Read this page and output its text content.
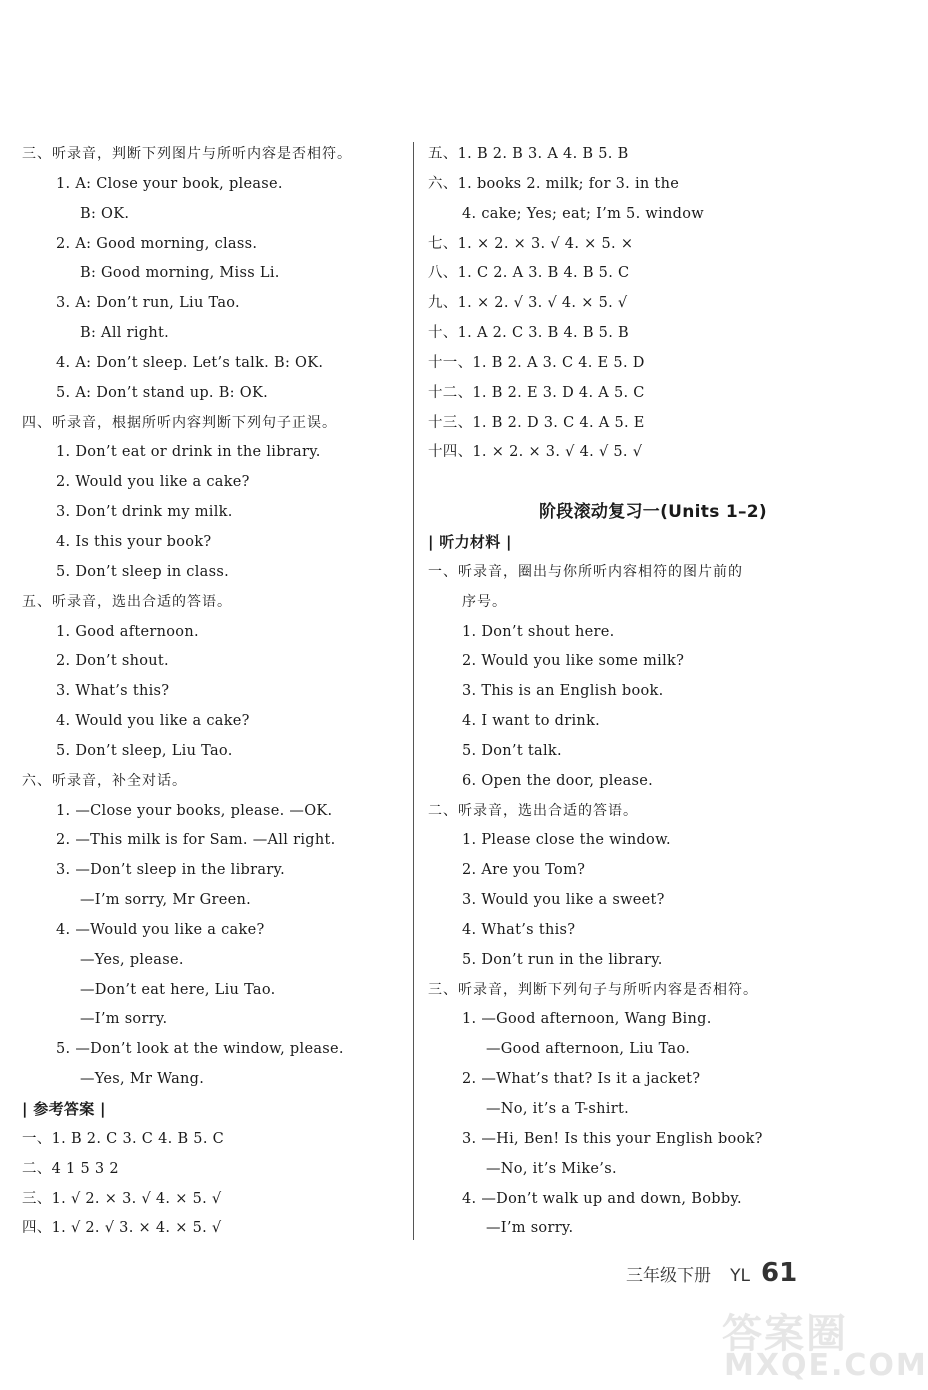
三、听录音，判断下列图片与所听内容是否相符。
1. A: Close your book, please.
B: OK.
2. A: Good morning, class.
B: Good morning, Miss Li.
3. A: Don’t run, Liu Tao.
B: All right.
4. A: Don’t sleep. Let’s talk. B: OK.
5. A: Don’t stand up. B: OK.
四、听录音，根据所听内容判断下列句子正误。
1. Don’t eat or drink in the library.
2. Would you like a cake?
3. Don’t drink my milk.
4. Is this your book?
5. Don’t sleep in class.
五、听录音，选出合适的答语。
1. Good afternoon.
2. Don’t shout.
3. What’s this?
4. Would you like a cake?
5. Don’t sleep, Liu Tao.
六、听录音，补全对话。
1. —Close your books, please. —OK.
2. —This milk is for Sam. —All right.
3. —Don’t sleep in the library.
—I’m sorry, Mr Green.
4. —Would you like a cake?
—Yes, please.
—Don’t eat here, Liu Tao.
—I’m sorry.
5. —Don’t look at the window, please.
—Yes, Mr Wang.
| 参考答案 |
一、1. B 2. C 3. C 4. B 5. C
二、4 1 5 3 2
三、1. √ 2. × 3. √ 4. × 5. √
四、1. √ 2. √ 3. × 4. × 5. √
五、1. B 2. B 3. A 4. B 5. B
六、1. books 2. milk; for 3. in the
4. cake; Yes; eat; I’m 5. window
七、1. × 2. × 3. √ 4. × 5. ×
八、1. C 2. A 3. B 4. B 5. C
九、1. × 2. √ 3. √ 4. × 5. √
十、1. A 2. C 3. B 4. B 5. B
十一、1. B 2. A 3. C 4. E 5. D
十二、1. B 2. E 3. D 4. A 5. C
十三、1. B 2. D 3. C 4. A 5. E
十四、1. × 2. × 3. √ 4. √ 5. √
阶段滚动复习一(Units 1–2)
| 听力材料 |
一、听录音，圈出与你所听内容相符的图片前的
序号。
1. Don’t shout here.
2. Would you like some milk?
3. This is an English book.
4. I want to drink.
5. Don’t talk.
6. Open the door, please.
二、听录音，选出合适的答语。
1. Please close the window.
2. Are you Tom?
3. Would you like a sweet?
4. What’s this?
5. Don’t run in the library.
三、听录音，判断下列句子与所听内容是否相符。
1. —Good afternoon, Wang Bing.
—Good afternoon, Liu Tao.
2. —What’s that? Is it a jacket?
—No, it’s a T-shirt.
3. —Hi, Ben! Is this your English book?
—No, it’s Mike’s.
4. —Don’t walk up and down, Bobby.
—I’m sorry.
三年级下册 YL 61
答案圈
MXQE.COM
